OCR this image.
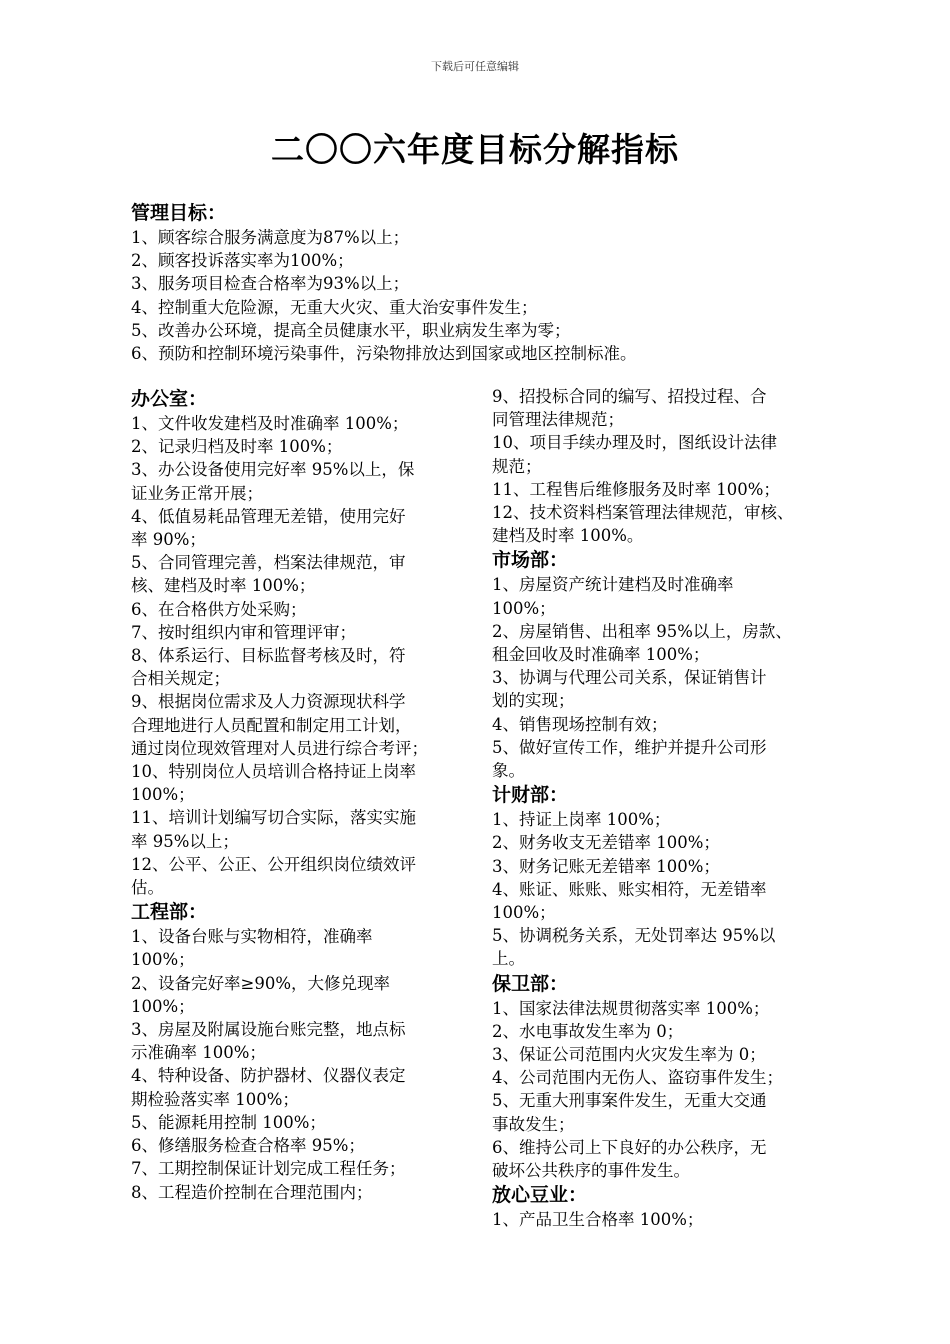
下载后可任意编辑
二〇〇六年度目标分解指标

管理目标：

1、顾客综合服务满意度为87%以上；

2、顾客投诉落实率为100%；

3、服务项目检查合格率为93%以上；

4、控制重大危险源，无重大火灾、重大治安事件发生；

5、改善办公环境，提高全员健康水平，职业病发生率为零；

6、预防和控制环境污染事件，污染物排放达到国家或地区控制标准。

办公室：

1、文件收发建档及时准确率 100%；

2、记录归档及时率 100%；

3、办公设备使用完好率 95%以上，保

证业务正常开展；

4、低值易耗品管理无差错，使用完好

率 90%；

5、合同管理完善，档案法律规范，审

核、建档及时率 100%；

6、在合格供方处采购；

7、按时组织内审和管理评审；

8、体系运行、目标监督考核及时，符

合相关规定；

9、根据岗位需求及人力资源现状科学

合理地进行人员配置和制定用工计划，

通过岗位现效管理对人员进行综合考评；

10、特别岗位人员培训合格持证上岗率

100%；

11、培训计划编写切合实际，落实实施

率 95%以上；

12、公平、公正、公开组织岗位绩效评

估。

工程部：

1、设备台账与实物相符，准确率

100%；

2、设备完好率≥90%，大修兑现率

100%；

3、房屋及附属设施台账完整，地点标

示准确率 100%；

4、特种设备、防护器材、仪器仪表定

期检验落实率 100%；

5、能源耗用控制 100%；

6、修缮服务检查合格率 95%；

7、工期控制保证计划完成工程任务；

8、工程造价控制在合理范围内；

9、招投标合同的编写、招投过程、合

同管理法律规范；

10、项目手续办理及时，图纸设计法律

规范；

11、工程售后维修服务及时率 100%；

12、技术资料档案管理法律规范，审核、

建档及时率 100%。

市场部：

1、房屋资产统计建档及时准确率

100%；

2、房屋销售、出租率 95%以上，房款、

租金回收及时准确率 100%；

3、协调与代理公司关系，保证销售计

划的实现；

4、销售现场控制有效；

5、做好宣传工作，维护并提升公司形

象。

计财部：

1、持证上岗率 100%；

2、财务收支无差错率 100%；

3、财务记账无差错率 100%；

4、账证、账账、账实相符，无差错率

100%；

5、协调税务关系，无处罚率达 95%以

上。

保卫部：

1、国家法律法规贯彻落实率 100%；

2、水电事故发生率为 0；

3、保证公司范围内火灾发生率为 0；

4、公司范围内无伤人、盗窃事件发生；

5、无重大刑事案件发生，无重大交通

事故发生；

6、维持公司上下良好的办公秩序，无

破坏公共秩序的事件发生。

放心豆业：

1、产品卫生合格率 100%；
